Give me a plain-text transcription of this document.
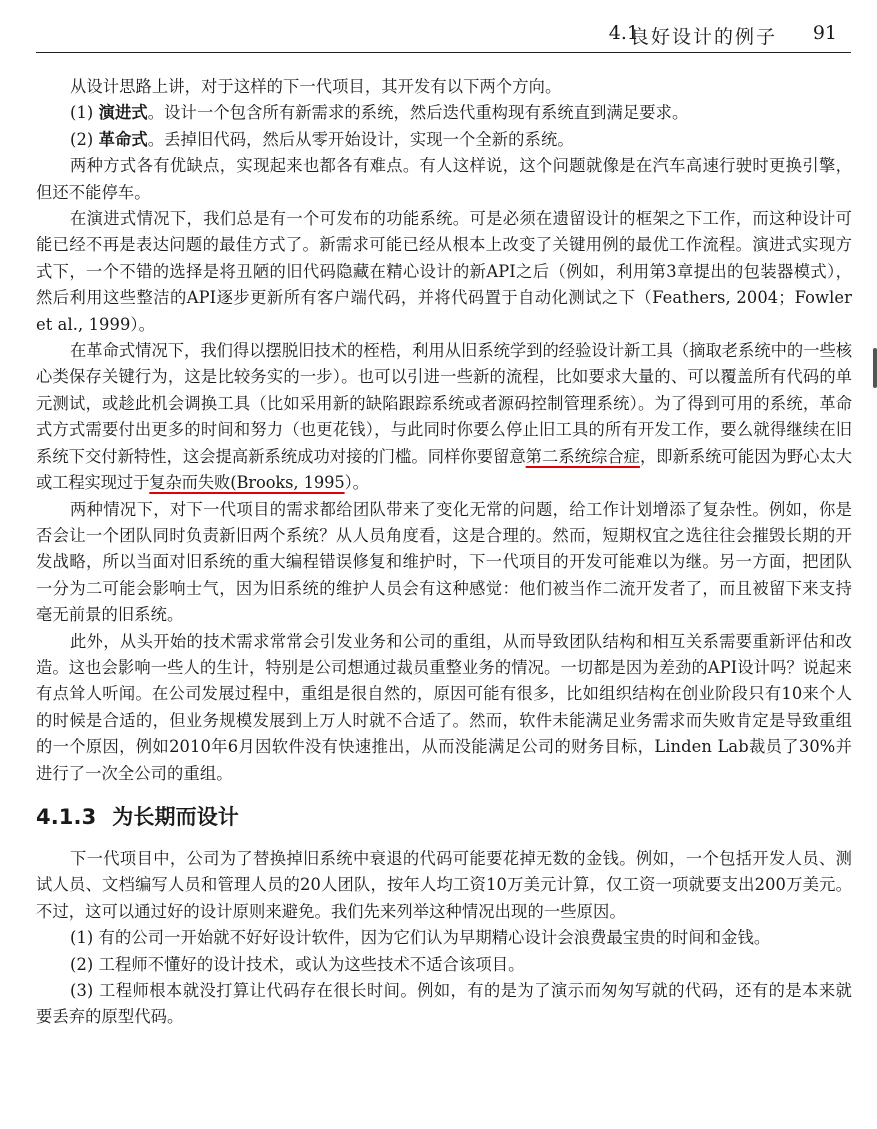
4.1
良好设计的例子 91

从设计思路上讲，对于这样的下一代项目，其开发有以下两个方向。

(1) 演进式。设计一个包含所有新需求的系统，然后迭代重构现有系统直到满足要求。

(2) 革命式。丢掉旧代码，然后从零开始设计，实现一个全新的系统。

两种方式各有优缺点，实现起来也都各有难点。有人这样说，这个问题就像是在汽车高速行驶时更换引擎，但还不能停车。

在演进式情况下，我们总是有一个可发布的功能系统。可是必须在遗留设计的框架之下工作，而这种设计可能已经不再是表达问题的最佳方式了。新需求可能已经从根本上改变了关键用例的最优工作流程。演进式实现方式下，一个不错的选择是将丑陋的旧代码隐藏在精心设计的新API之后（例如，利用第3章提出的包装器模式），然后利用这些整洁的API逐步更新所有客户端代码，并将代码置于自动化测试之下（Feathers, 2004；Fowler et al., 1999）。

在革命式情况下，我们得以摆脱旧技术的桎梏，利用从旧系统学到的经验设计新工具（摘取老系统中的一些核心类保存关键行为，这是比较务实的一步）。也可以引进一些新的流程，比如要求大量的、可以覆盖所有代码的单元测试，或趁此机会调换工具（比如采用新的缺陷跟踪系统或者源码控制管理系统）。为了得到可用的系统，革命式方式需要付出更多的时间和努力（也更花钱），与此同时你要么停止旧工具的所有开发工作，要么就得继续在旧系统下交付新特性，这会提高新系统成功对接的门槛。同样你要留意第二系统综合症，即新系统可能因为野心太大或工程实现过于复杂而失败(Brooks, 1995）。

两种情况下，对下一代项目的需求都给团队带来了变化无常的问题，给工作计划增添了复杂性。例如，你是否会让一个团队同时负责新旧两个系统？从人员角度看，这是合理的。然而，短期权宜之选往往会摧毁长期的开发战略，所以当面对旧系统的重大编程错误修复和维护时，下一代项目的开发可能难以为继。另一方面，把团队一分为二可能会影响士气，因为旧系统的维护人员会有这种感觉：他们被当作二流开发者了，而且被留下来支持毫无前景的旧系统。

此外，从头开始的技术需求常常会引发业务和公司的重组，从而导致团队结构和相互关系需要重新评估和改造。这也会影响一些人的生计，特别是公司想通过裁员重整业务的情况。一切都是因为差劲的API设计吗？说起来有点耸人听闻。在公司发展过程中，重组是很自然的，原因可能有很多，比如组织结构在创业阶段只有10来个人的时候是合适的，但业务规模发展到上万人时就不合适了。然而，软件未能满足业务需求而失败肯定是导致重组的一个原因，例如2010年6月因软件没有快速推出，从而没能满足公司的财务目标，Linden Lab裁员了30%并进行了一次全公司的重组。

4.1.3 为长期而设计

下一代项目中，公司为了替换掉旧系统中衰退的代码可能要花掉无数的金钱。例如，一个包括开发人员、测试人员、文档编写人员和管理人员的20人团队，按年人均工资10万美元计算，仅工资一项就要支出200万美元。不过，这可以通过好的设计原则来避免。我们先来列举这种情况出现的一些原因。

(1) 有的公司一开始就不好好设计软件，因为它们认为早期精心设计会浪费最宝贵的时间和金钱。

(2) 工程师不懂好的设计技术，或认为这些技术不适合该项目。

(3) 工程师根本就没打算让代码存在很长时间。例如，有的是为了演示而匆匆写就的代码，还有的是本来就要丢弃的原型代码。
